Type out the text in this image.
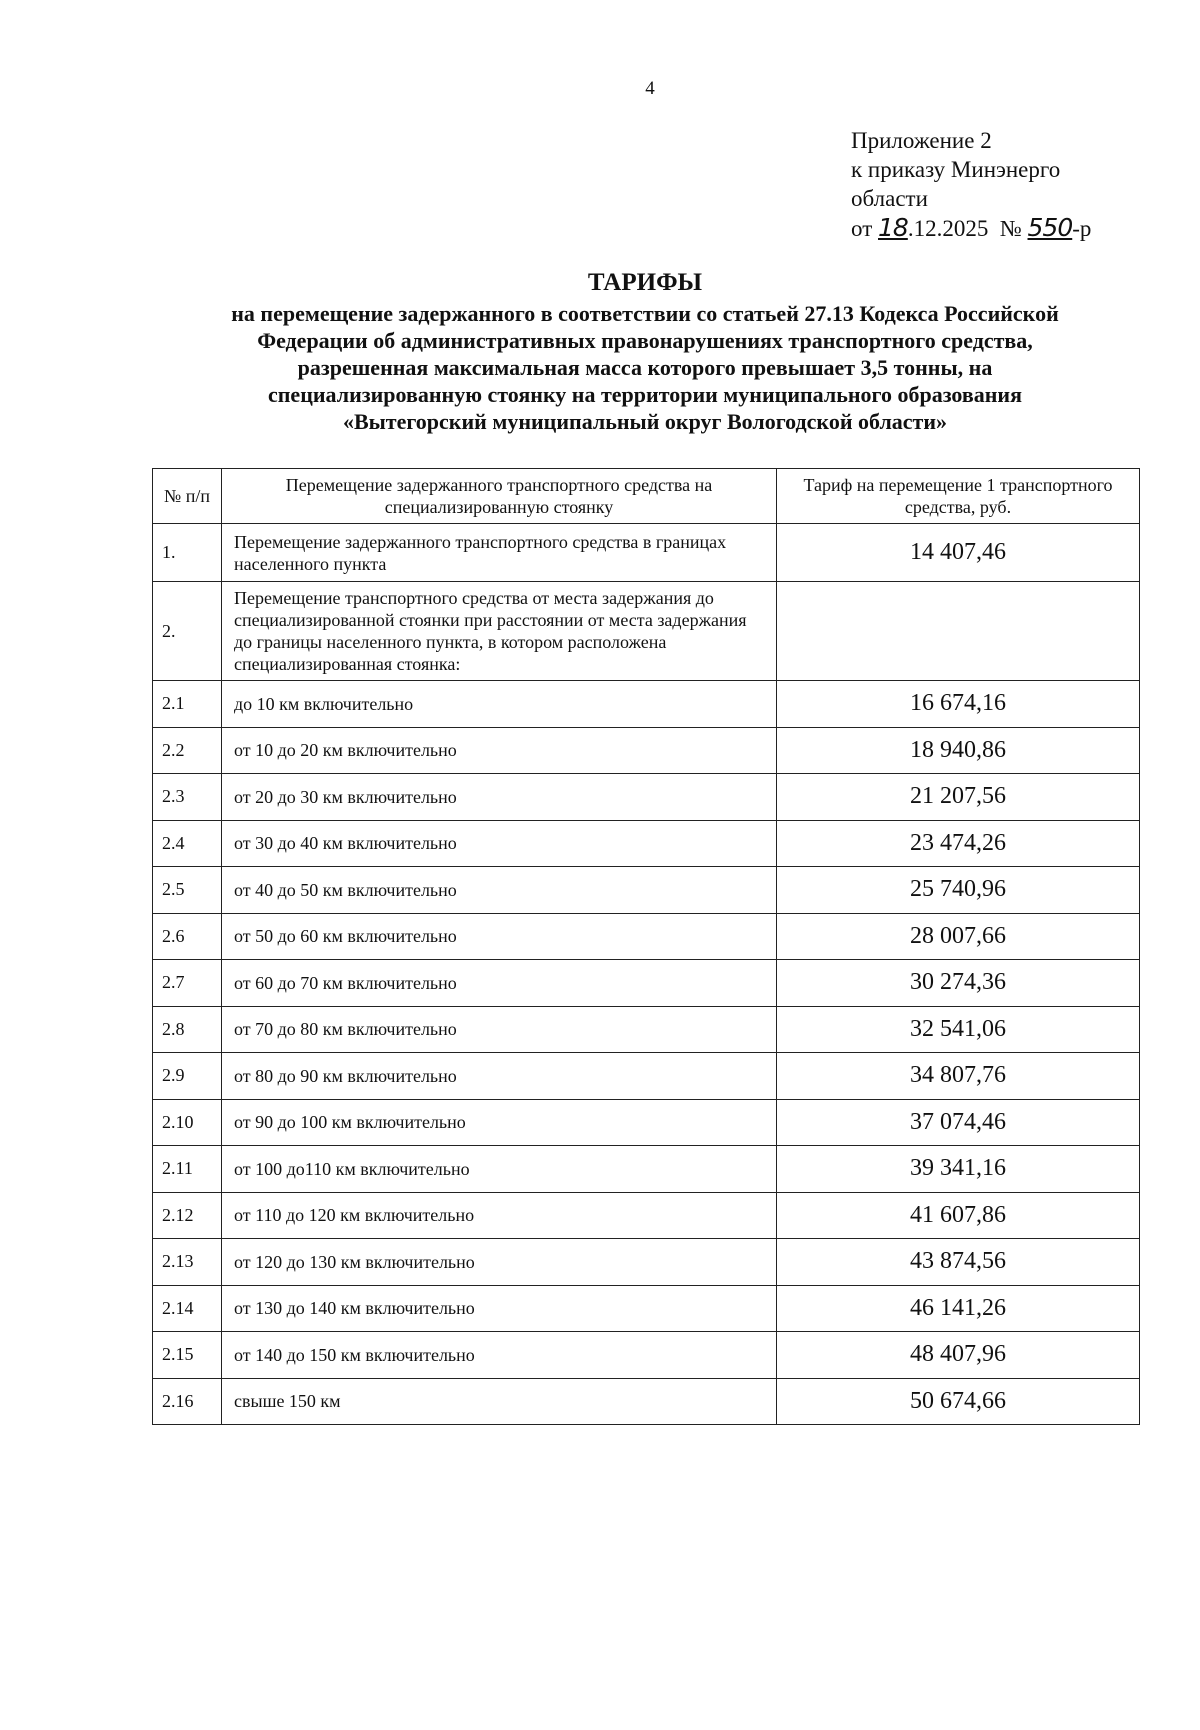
4
Приложение 2
к приказу Минэнерго
области
от 18.12.2025 № 550-р
ТАРИФЫ
на перемещение задержанного в соответствии со статьей 27.13 Кодекса Российской
Федерации об административных правонарушениях транспортного средства,
разрешенная максимальная масса которого превышает 3,5 тонны, на
специализированную стоянку на территории муниципального образования
«Вытегорский муниципальный округ Вологодской области»
№ п/п	Перемещение задержанного транспортного средства на специализированную стоянку	Тариф на перемещение 1 транспортного средства, руб.
1.	Перемещение задержанного транспортного средства в границах населенного пункта	14 407,46
2.	Перемещение транспортного средства от места задержания до специализированной стоянки при расстоянии от места задержания до границы населенного пункта, в котором расположена специализированная стоянка:	
2.1	до 10 км включительно	16 674,16
2.2	от 10 до 20 км включительно	18 940,86
2.3	от 20 до 30 км включительно	21 207,56
2.4	от 30 до 40 км включительно	23 474,26
2.5	от 40 до 50 км включительно	25 740,96
2.6	от 50 до 60 км включительно	28 007,66
2.7	от 60 до 70 км включительно	30 274,36
2.8	от 70 до 80 км включительно	32 541,06
2.9	от 80 до 90 км включительно	34 807,76
2.10	от 90 до 100 км включительно	37 074,46
2.11	от 100 до110 км включительно	39 341,16
2.12	от 110 до 120 км включительно	41 607,86
2.13	от 120 до 130 км включительно	43 874,56
2.14	от 130 до 140 км включительно	46 141,26
2.15	от 140 до 150 км включительно	48 407,96
2.16	свыше 150 км	50 674,66
